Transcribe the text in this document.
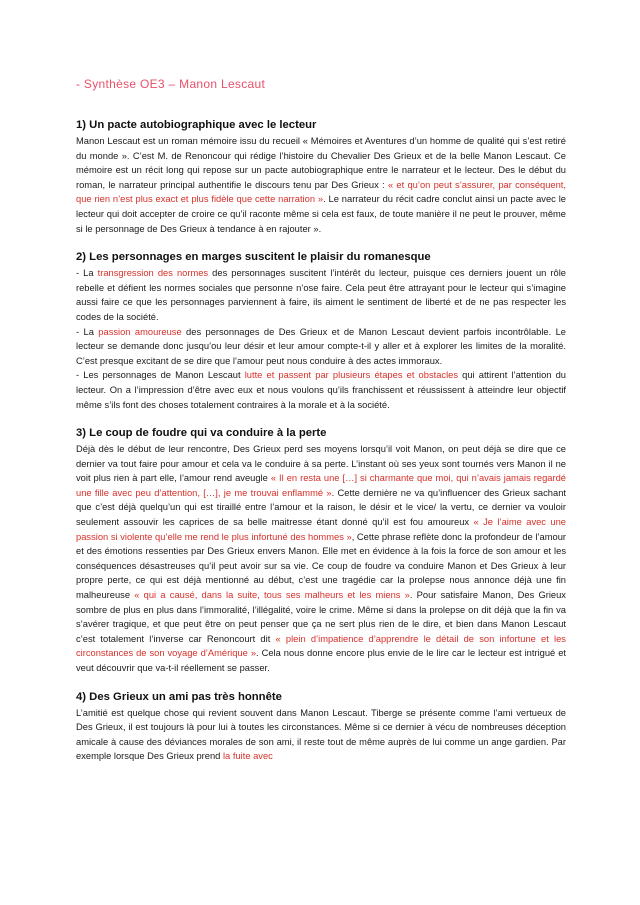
- Synthèse OE3 – Manon Lescaut
1) Un pacte autobiographique avec le lecteur

Manon Lescaut est un roman mémoire issu du recueil « Mémoires et Aventures d’un homme de qualité qui s’est retiré du monde ». C’est M. de Renoncour qui rédige l’histoire du Chevalier Des Grieux et de la belle Manon Lescaut. Ce mémoire est un récit long qui repose sur un pacte autobiographique entre le narrateur et le lecteur. Des le début du roman, le narrateur principal authentifie le discours tenu par Des Grieux : « et qu’on peut s’assurer, par conséquent, que rien n’est plus exact et plus fidèle que cette narration ». Le narrateur du récit cadre conclut ainsi un pacte avec le lecteur qui doit accepter de croire ce qu’il raconte même si cela est faux, de toute manière il ne peut le prouver, même si le personnage de Des Grieux à tendance à en rajouter ».

2) Les personnages en marges suscitent le plaisir du romanesque

- La transgression des normes des personnages suscitent l’intérêt du lecteur, puisque ces derniers jouent un rôle rebelle et défient les normes sociales que personne n’ose faire. Cela peut être attrayant pour le lecteur qui s’imagine aussi faire ce que les personnages parviennent à faire, ils aiment le sentiment de liberté et de ne pas respecter les codes de la société.

- La passion amoureuse des personnages de Des Grieux et de Manon Lescaut devient parfois incontrôlable. Le lecteur se demande donc jusqu’ou leur désir et leur amour compte-t-il y aller et à explorer les limites de la moralité. C’est presque excitant de se dire que l’amour peut nous conduire à des actes immoraux.

- Les personnages de Manon Lescaut lutte et passent par plusieurs étapes et obstacles qui attirent l’attention du lecteur. On a l’impression d’être avec eux et nous voulons qu’ils franchissent et réussissent à atteindre leur objectif même s’ils font des choses totalement contraires à la morale et à la société.

3) Le coup de foudre qui va conduire à la perte

Déjà dès le début de leur rencontre, Des Grieux perd ses moyens lorsqu’il voit Manon, on peut déjà se dire que ce dernier va tout faire pour amour et cela va le conduire à sa perte. L’instant où ses yeux sont tournés vers Manon il ne voit plus rien à part elle, l’amour rend aveugle « Il en resta une […] si charmante que moi, qui n’avais jamais regardé une fille avec peu d’attention, […], je me trouvai enflammé ». Cette dernière ne va qu’influencer des Grieux sachant que c’est déjà quelqu’un qui est tiraillé entre l’amour et la raison, le désir et le vice/ la vertu, ce dernier va vouloir seulement assouvir les caprices de sa belle maitresse étant donné qu’il est fou amoureux « Je l’aime avec une passion si violente qu’elle me rend le plus infortuné des hommes », Cette phrase reflète donc la profondeur de l’amour et des émotions ressenties par Des Grieux envers Manon. Elle met en évidence à la fois la force de son amour et les conséquences désastreuses qu’il peut avoir sur sa vie. Ce coup de foudre va conduire Manon et Des Grieux à leur propre perte, ce qui est déjà mentionné au début, c’est une tragédie car la prolepse nous annonce déjà une fin malheureuse « qui a causé, dans la suite, tous ses malheurs et les miens ». Pour satisfaire Manon, Des Grieux sombre de plus en plus dans l’immoralité, l’illégalité, voire le crime. Même si dans la prolepse on dit déjà que la fin va s’avérer tragique, et que peut être on peut penser que ça ne sert plus rien de le dire, et bien dans Manon Lescaut c’est totalement l’inverse car Renoncourt dit « plein d’impatience d’apprendre le détail de son infortune et les circonstances de son voyage d’Amérique ». Cela nous donne encore plus envie de le lire car le lecteur est intrigué et veut découvrir que va-t-il réellement se passer.

4) Des Grieux un ami pas très honnête

L’amitié est quelque chose qui revient souvent dans Manon Lescaut. Tiberge se présente comme l’ami vertueux de Des Grieux, il est toujours là pour lui à toutes les circonstances. Même si ce dernier à vécu de nombreuses déception amicale à cause des déviances morales de son ami, il reste tout de même auprès de lui comme un ange gardien. Par exemple lorsque Des Grieux prend la fuite avec
